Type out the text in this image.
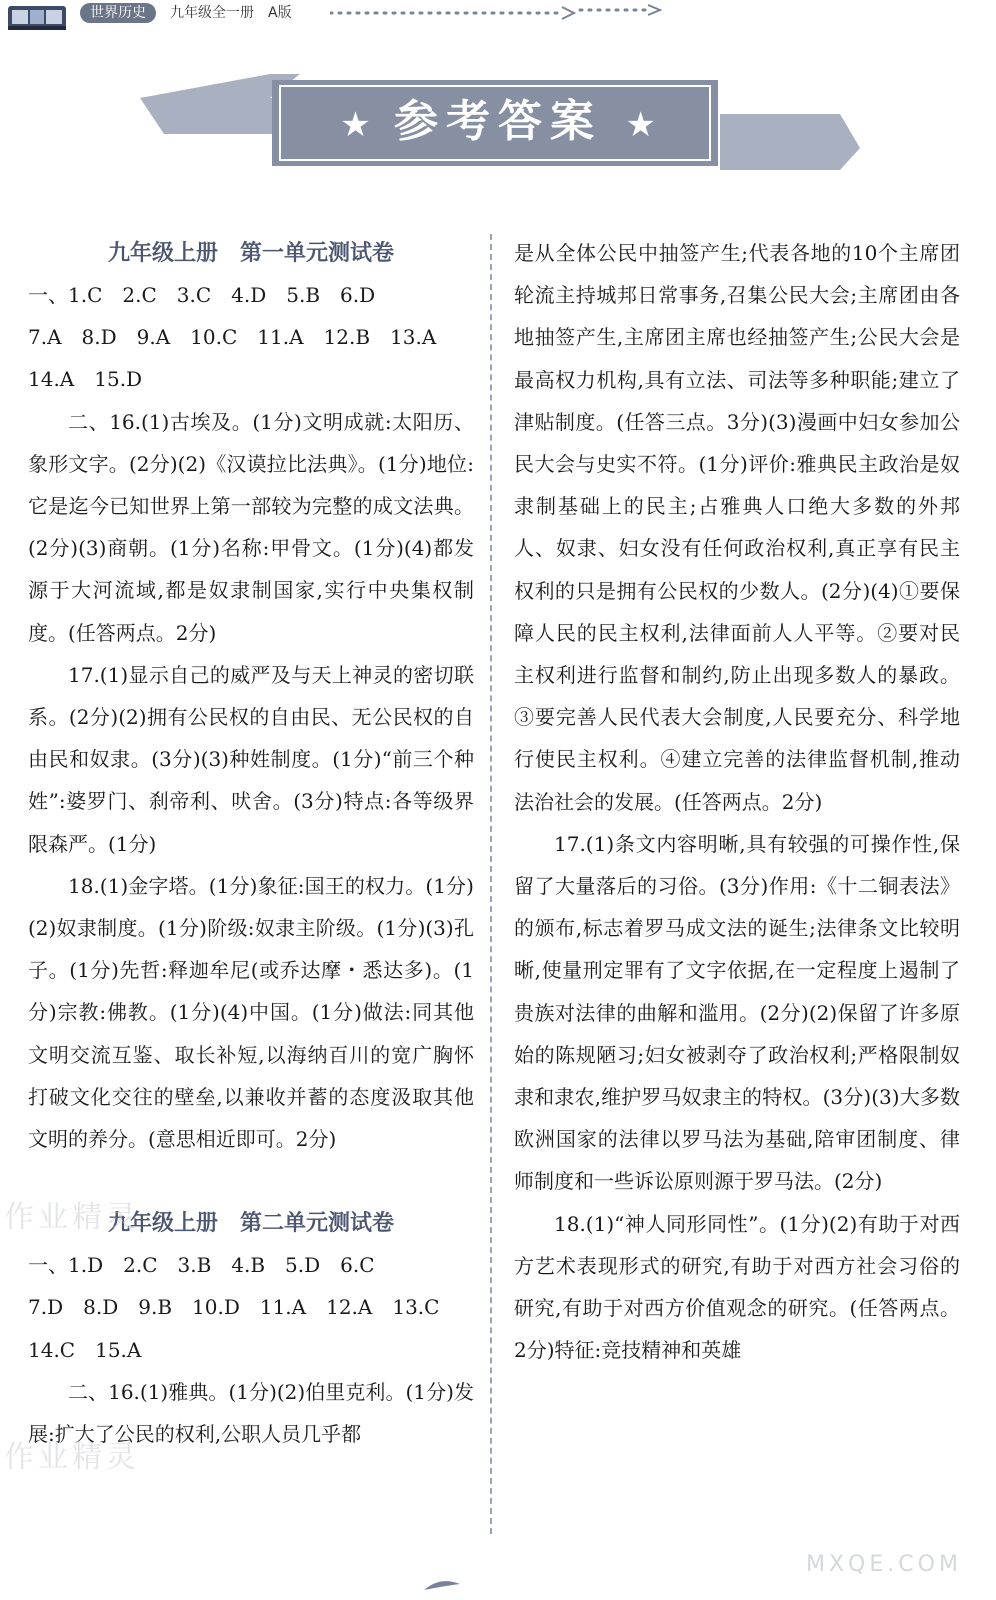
世界历史	九年级全一册　A版
★ 参考答案 ★

九年级上册　第一单元测试卷

一、1.C　2.C　3.C　4.D　5.B　6.D

7.A　8.D　9.A　10.C　11.A　12.B　13.A

14.A　15.D

二、16.(1)古埃及。(1分)文明成就:太阳历、象形文字。(2分)(2)《汉谟拉比法典》。(1分)地位:它是迄今已知世界上第一部较为完整的成文法典。(2分)(3)商朝。(1分)名称:甲骨文。(1分)(4)都发源于大河流域,都是奴隶制国家,实行中央集权制度。(任答两点。2分)

17.(1)显示自己的威严及与天上神灵的密切联系。(2分)(2)拥有公民权的自由民、无公民权的自由民和奴隶。(3分)(3)种姓制度。(1分)“前三个种姓”:婆罗门、刹帝利、吠舍。(3分)特点:各等级界限森严。(1分)

18.(1)金字塔。(1分)象征:国王的权力。(1分)(2)奴隶制度。(1分)阶级:奴隶主阶级。(1分)(3)孔子。(1分)先哲:释迦牟尼(或乔达摩・悉达多)。(1分)宗教:佛教。(1分)(4)中国。(1分)做法:同其他文明交流互鉴、取长补短,以海纳百川的宽广胸怀打破文化交往的壁垒,以兼收并蓄的态度汲取其他文明的养分。(意思相近即可。2分)

九年级上册　第二单元测试卷

一、1.D　2.C　3.B　4.B　5.D　6.C

7.D　8.D　9.B　10.D　11.A　12.A　13.C

14.C　15.A

二、16.(1)雅典。(1分)(2)伯里克利。(1分)发展:扩大了公民的权利,公职人员几乎都

是从全体公民中抽签产生;代表各地的10个主席团轮流主持城邦日常事务,召集公民大会;主席团由各地抽签产生,主席团主席也经抽签产生;公民大会是最高权力机构,具有立法、司法等多种职能;建立了津贴制度。(任答三点。3分)(3)漫画中妇女参加公民大会与史实不符。(1分)评价:雅典民主政治是奴隶制基础上的民主;占雅典人口绝大多数的外邦人、奴隶、妇女没有任何政治权利,真正享有民主权利的只是拥有公民权的少数人。(2分)(4)①要保障人民的民主权利,法律面前人人平等。②要对民主权利进行监督和制约,防止出现多数人的暴政。③要完善人民代表大会制度,人民要充分、科学地行使民主权利。④建立完善的法律监督机制,推动法治社会的发展。(任答两点。2分)

17.(1)条文内容明晰,具有较强的可操作性,保留了大量落后的习俗。(3分)作用:《十二铜表法》的颁布,标志着罗马成文法的诞生;法律条文比较明晰,使量刑定罪有了文字依据,在一定程度上遏制了贵族对法律的曲解和滥用。(2分)(2)保留了许多原始的陈规陋习;妇女被剥夺了政治权利;严格限制奴隶和隶农,维护罗马奴隶主的特权。(3分)(3)大多数欧洲国家的法律以罗马法为基础,陪审团制度、律师制度和一些诉讼原则源于罗马法。(2分)

18.(1)“神人同形同性”。(1分)(2)有助于对西方艺术表现形式的研究,有助于对西方社会习俗的研究,有助于对西方价值观念的研究。(任答两点。2分)特征:竞技精神和英雄

作业精灵
作业精灵
MXQE.COM
